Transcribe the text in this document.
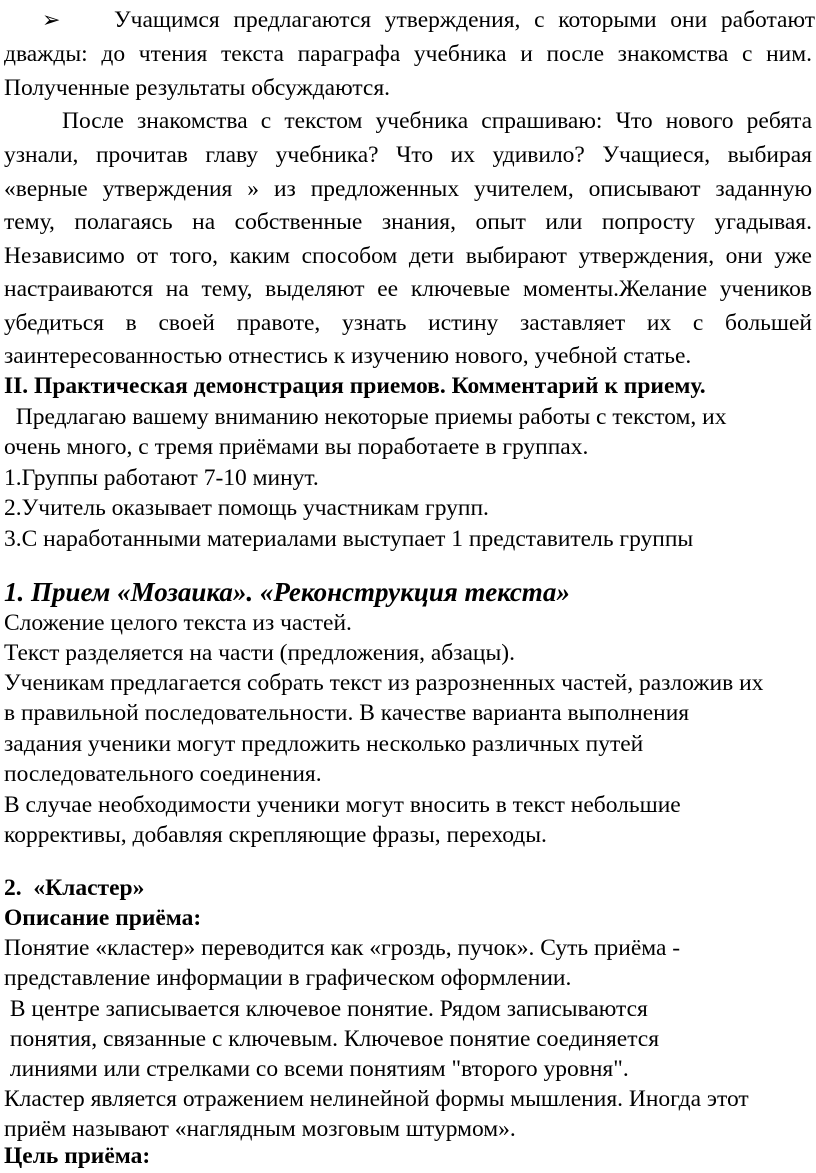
➢ Учащимся предлагаются утверждения, с которыми они работают
дважды: до чтения текста параграфа учебника и после знакомства с ним.
Полученные результаты обсуждаются.
После знакомства с текстом учебника спрашиваю: Что нового ребята
узнали, прочитав главу учебника? Что их удивило? Учащиеся, выбирая
«верные утверждения » из предложенных учителем, описывают заданную
тему, полагаясь на собственные знания, опыт или попросту угадывая.
Независимо от того, каким способом дети выбирают утверждения, они уже
настраиваются на тему, выделяют ее ключевые моменты.Желание учеников
убедиться в своей правоте, узнать истину заставляет их с большей
заинтересованностью отнестись к изучению нового, учебной статье.
II. Практическая демонстрация приемов. Комментарий к приему.
Предлагаю вашему вниманию некоторые приемы работы с текстом, их
очень много, с тремя приёмами вы поработаете в группах.
1.Группы работают 7-10 минут.
2.Учитель оказывает помощь участникам групп.
3.С наработанными материалами выступает 1 представитель группы
1. Прием «Мозаика». «Реконструкция текста»
Сложение целого текста из частей.
Текст разделяется на части (предложения, абзацы).
Ученикам предлагается собрать текст из разрозненных частей, разложив их
в правильной последовательности. В качестве варианта выполнения
задания ученики могут предложить несколько различных путей
последовательного соединения.
В случае необходимости ученики могут вносить в текст небольшие
коррективы, добавляя скрепляющие фразы, переходы.
2.  «Кластер»
Описание приёма:
Понятие «кластер» переводится как «гроздь, пучок». Суть приёма -
представление информации в графическом оформлении.
В центре записывается ключевое понятие. Рядом записываются
понятия, связанные с ключевым. Ключевое понятие соединяется
линиями или стрелками со всеми понятиям "второго уровня".
Кластер является отражением нелинейной формы мышления. Иногда этот
приём называют «наглядным мозговым штурмом».
Цель приёма:
